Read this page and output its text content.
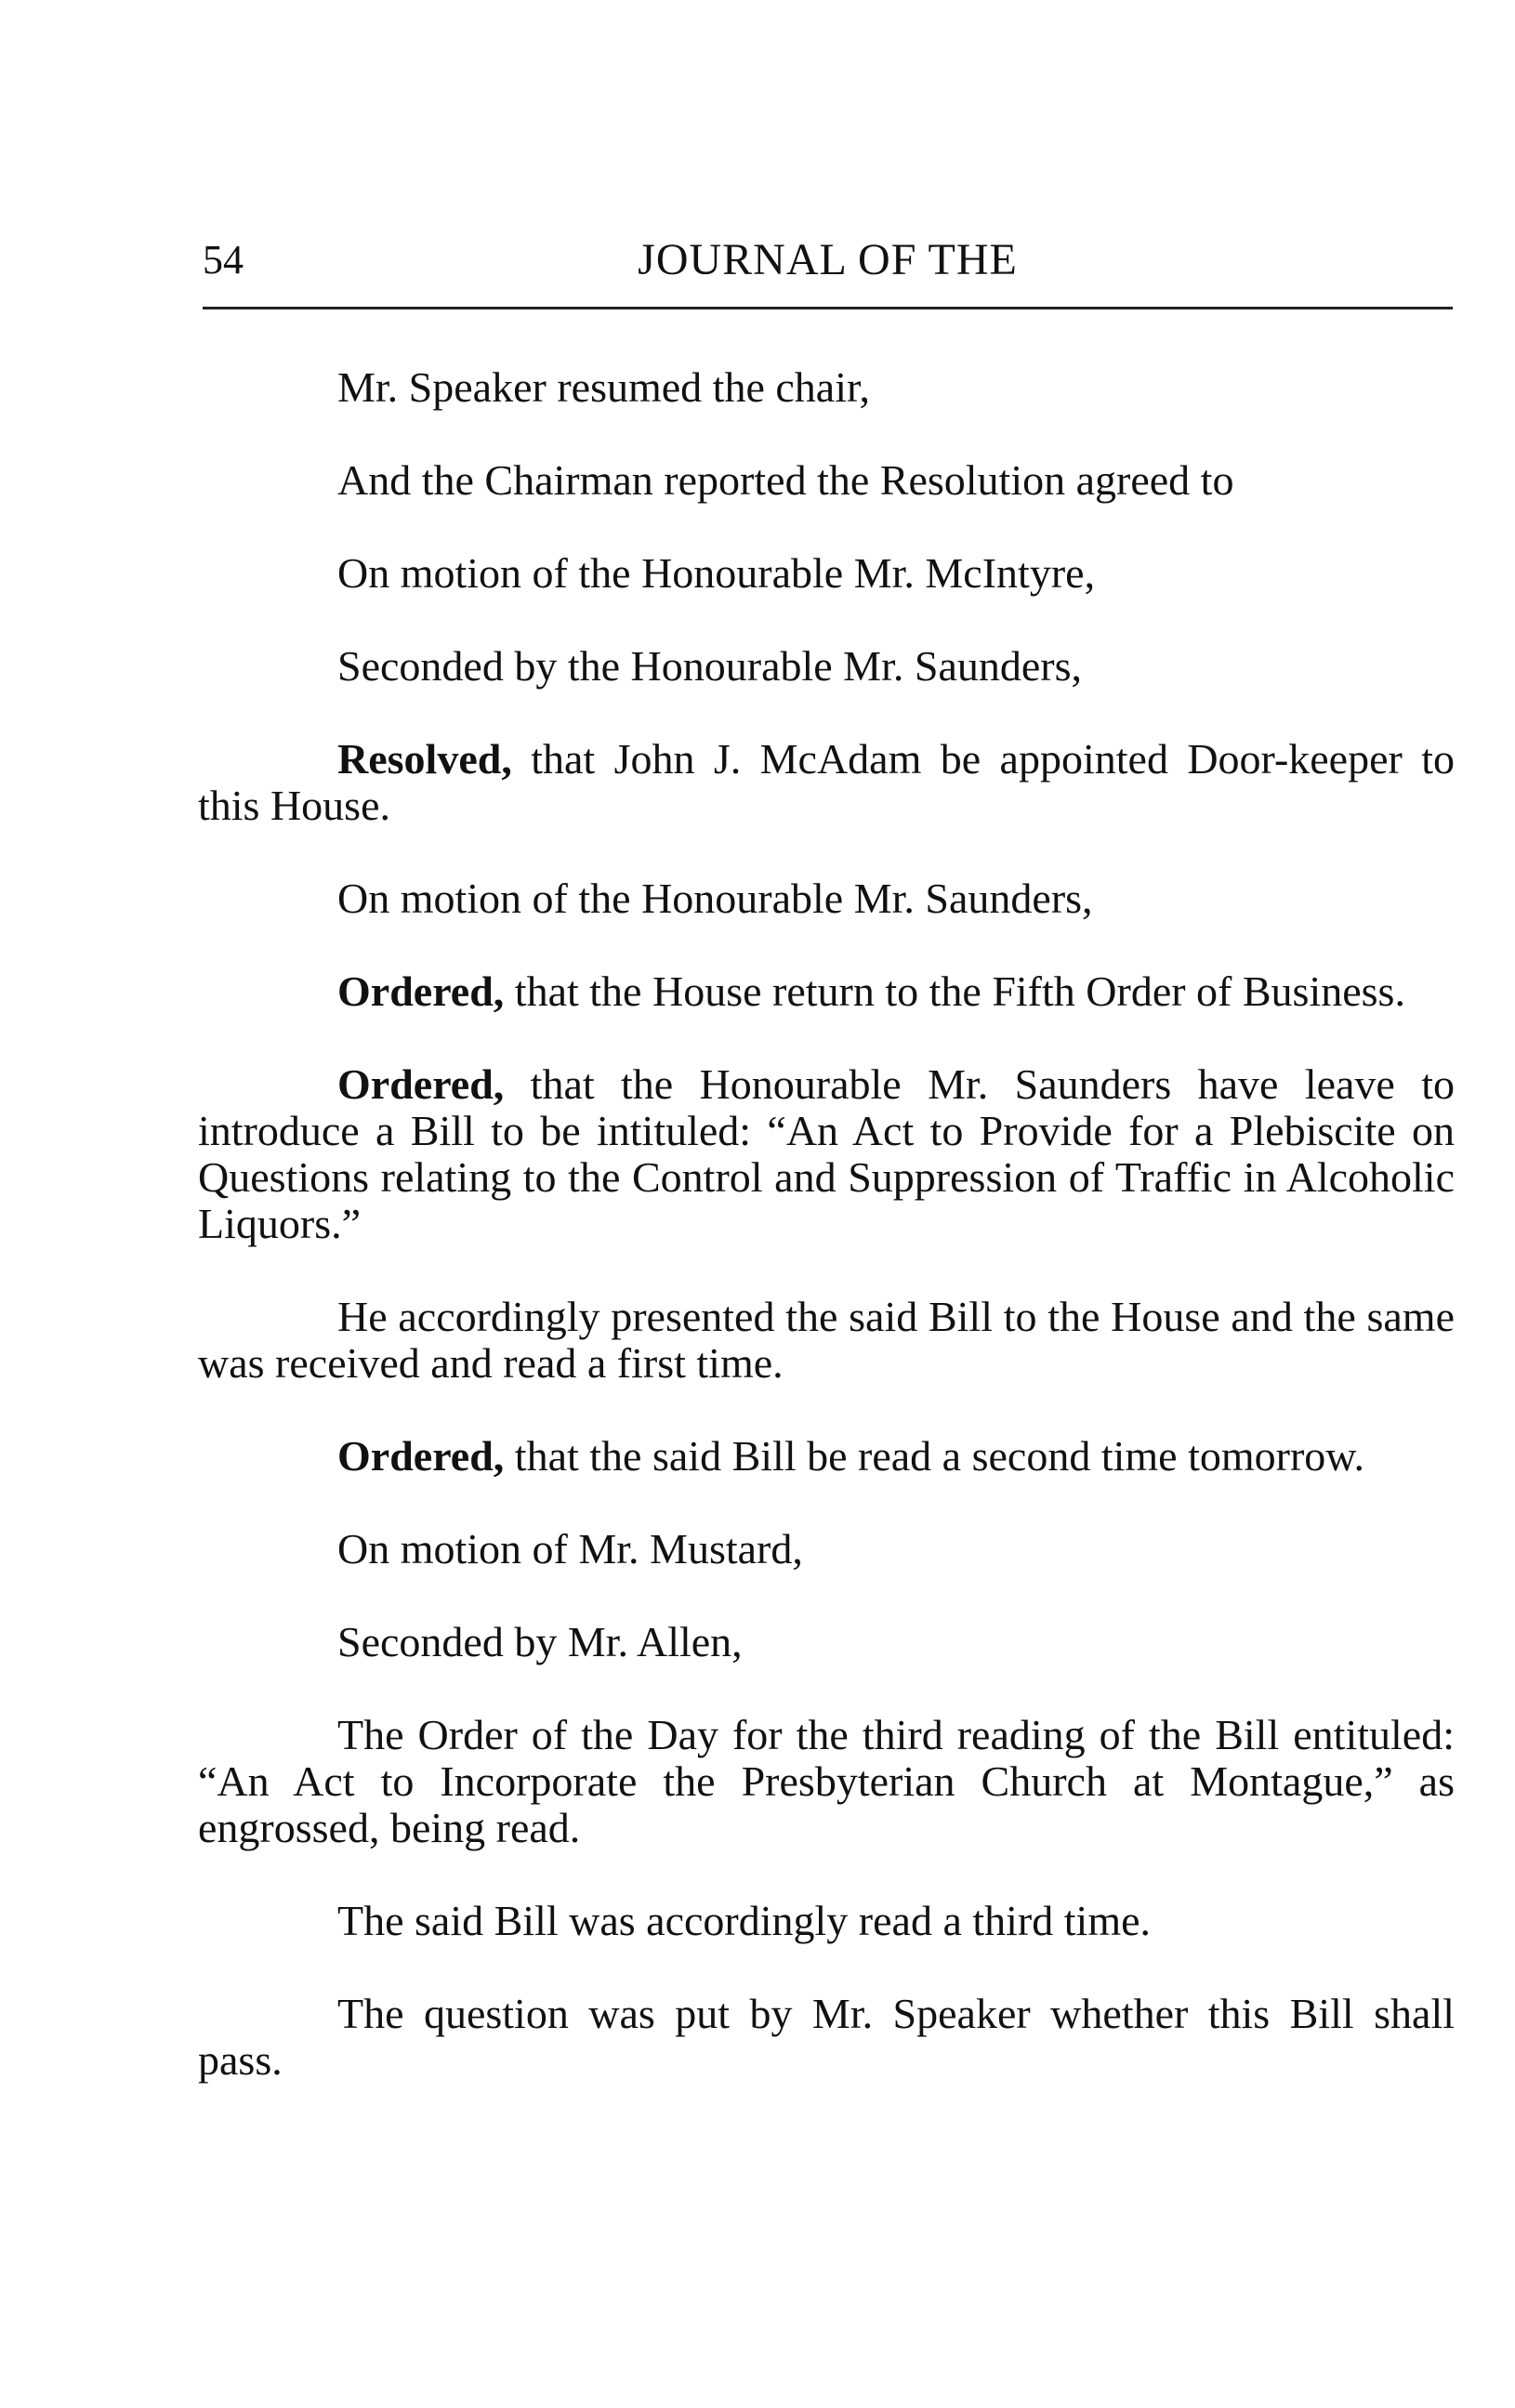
54	JOURNAL OF THE

Mr. Speaker resumed the chair,

And the Chairman reported the Resolution agreed to

On motion of the Honourable Mr. McIntyre,

Seconded by the Honourable Mr. Saunders,

Resolved, that John J. McAdam be appointed Door-keeper to this House.

On motion of the Honourable Mr. Saunders,

Ordered, that the House return to the Fifth Order of Business.

Ordered, that the Honourable Mr. Saunders have leave to introduce a Bill to be intituled: “An Act to Provide for a Plebiscite on Questions relating to the Control and Suppression of Traffic in Alcoholic Liquors.”

He accordingly presented the said Bill to the House and the same was received and read a first time.

Ordered, that the said Bill be read a second time tomorrow.

On motion of Mr. Mustard,

Seconded by Mr. Allen,

The Order of the Day for the third reading of the Bill entituled: “An Act to Incorporate the Presbyterian Church at Montague,” as engrossed, being read.

The said Bill was accordingly read a third time.

The question was put by Mr. Speaker whether this Bill shall pass.
